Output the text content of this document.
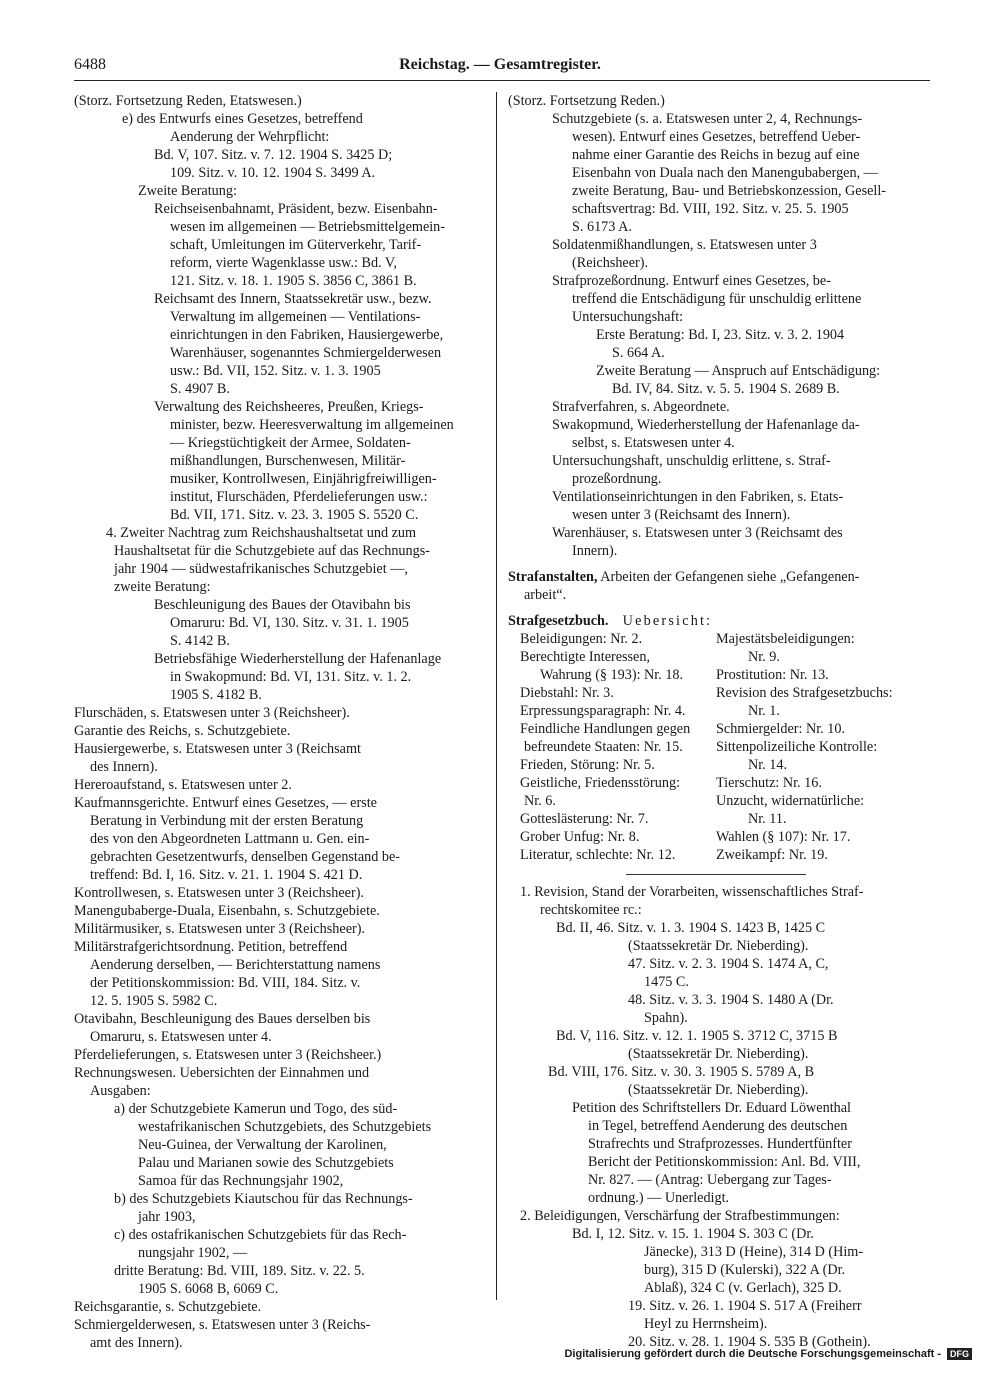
6488	Reichstag. — Gesamtregister.

(Storz. Fortsetzung Reden, Etatswesen.)

e) des Entwurfs eines Gesetzes, betreffend

Aenderung der Wehrpflicht:

Bd. V, 107. Sitz. v. 7. 12. 1904 S. 3425 D;

109. Sitz. v. 10. 12. 1904 S. 3499 A.

Zweite Beratung:

Reichseisenbahnamt, Präsident, bezw. Eisenbahn-

wesen im allgemeinen — Betriebsmittelgemein-

schaft, Umleitungen im Güterverkehr, Tarif-

reform, vierte Wagenklasse usw.: Bd. V,

121. Sitz. v. 18. 1. 1905 S. 3856 C, 3861 B.

Reichsamt des Innern, Staatssekretär usw., bezw.

Verwaltung im allgemeinen — Ventilations-

einrichtungen in den Fabriken, Hausiergewerbe,

Warenhäuser, sogenanntes Schmiergelderwesen

usw.: Bd. VII, 152. Sitz. v. 1. 3. 1905

S. 4907 B.

Verwaltung des Reichsheeres, Preußen, Kriegs-

minister, bezw. Heeresverwaltung im allgemeinen

— Kriegstüchtigkeit der Armee, Soldaten-

mißhandlungen, Burschenwesen, Militär-

musiker, Kontrollwesen, Einjährigfreiwilligen-

institut, Flurschäden, Pferdelieferungen usw.:

Bd. VII, 171. Sitz. v. 23. 3. 1905 S. 5520 C.

4. Zweiter Nachtrag zum Reichshaushaltsetat und zum

Haushaltsetat für die Schutzgebiete auf das Rechnungs-

jahr 1904 — südwestafrikanisches Schutzgebiet —,

zweite Beratung:

Beschleunigung des Baues der Otavibahn bis

Omaruru: Bd. VI, 130. Sitz. v. 31. 1. 1905

S. 4142 B.

Betriebsfähige Wiederherstellung der Hafenanlage

in Swakopmund: Bd. VI, 131. Sitz. v. 1. 2.

1905 S. 4182 B.

Flurschäden, s. Etatswesen unter 3 (Reichsheer).

Garantie des Reichs, s. Schutzgebiete.

Hausiergewerbe, s. Etatswesen unter 3 (Reichsamt

des Innern).

Hereroaufstand, s. Etatswesen unter 2.

Kaufmannsgerichte. Entwurf eines Gesetzes, — erste

Beratung in Verbindung mit der ersten Beratung

des von den Abgeordneten Lattmann u. Gen. ein-

gebrachten Gesetzentwurfs, denselben Gegenstand be-

treffend: Bd. I, 16. Sitz. v. 21. 1. 1904 S. 421 D.

Kontrollwesen, s. Etatswesen unter 3 (Reichsheer).

Manengubaberge-Duala, Eisenbahn, s. Schutzgebiete.

Militärmusiker, s. Etatswesen unter 3 (Reichsheer).

Militärstrafgerichtsordnung. Petition, betreffend

Aenderung derselben, — Berichterstattung namens

der Petitionskommission: Bd. VIII, 184. Sitz. v.

12. 5. 1905 S. 5982 C.

Otavibahn, Beschleunigung des Baues derselben bis

Omaruru, s. Etatswesen unter 4.

Pferdelieferungen, s. Etatswesen unter 3 (Reichsheer.)

Rechnungswesen. Uebersichten der Einnahmen und

Ausgaben:

a) der Schutzgebiete Kamerun und Togo, des süd-

westafrikanischen Schutzgebiets, des Schutzgebiets

Neu-Guinea, der Verwaltung der Karolinen,

Palau und Marianen sowie des Schutzgebiets

Samoa für das Rechnungsjahr 1902,

b) des Schutzgebiets Kiautschou für das Rechnungs-

jahr 1903,

c) des ostafrikanischen Schutzgebiets für das Rech-

nungsjahr 1902, —

dritte Beratung: Bd. VIII, 189. Sitz. v. 22. 5.

1905 S. 6068 B, 6069 C.

Reichsgarantie, s. Schutzgebiete.

Schmiergelderwesen, s. Etatswesen unter 3 (Reichs-

amt des Innern).

(Storz. Fortsetzung Reden.)

Schutzgebiete (s. a. Etatswesen unter 2, 4, Rechnungs-

wesen). Entwurf eines Gesetzes, betreffend Ueber-

nahme einer Garantie des Reichs in bezug auf eine

Eisenbahn von Duala nach den Manengubabergen, —

zweite Beratung, Bau- und Betriebskonzession, Gesell-

schaftsvertrag: Bd. VIII, 192. Sitz. v. 25. 5. 1905

S. 6173 A.

Soldatenmißhandlungen, s. Etatswesen unter 3

(Reichsheer).

Strafprozeßordnung. Entwurf eines Gesetzes, be-

treffend die Entschädigung für unschuldig erlittene

Untersuchungshaft:

Erste Beratung: Bd. I, 23. Sitz. v. 3. 2. 1904

S. 664 A.

Zweite Beratung — Anspruch auf Entschädigung:

Bd. IV, 84. Sitz. v. 5. 5. 1904 S. 2689 B.

Strafverfahren, s. Abgeordnete.

Swakopmund, Wiederherstellung der Hafenanlage da-

selbst, s. Etatswesen unter 4.

Untersuchungshaft, unschuldig erlittene, s. Straf-

prozeßordnung.

Ventilationseinrichtungen in den Fabriken, s. Etats-

wesen unter 3 (Reichsamt des Innern).

Warenhäuser, s. Etatswesen unter 3 (Reichsamt des

Innern).

Strafanstalten, Arbeiten der Gefangenen siehe „Gefangenen-

arbeit“.

Strafgesetzbuch. Uebersicht:

Beleidigungen: Nr. 2.

Berechtigte Interessen,

Wahrung (§ 193): Nr. 18.

Diebstahl: Nr. 3.

Erpressungsparagraph: Nr. 4.

Feindliche Handlungen gegen

befreundete Staaten: Nr. 15.

Frieden, Störung: Nr. 5.

Geistliche, Friedensstörung:

Nr. 6.

Gotteslästerung: Nr. 7.

Grober Unfug: Nr. 8.

Literatur, schlechte: Nr. 12.

Majestätsbeleidigungen:

Nr. 9.

Prostitution: Nr. 13.

Revision des Strafgesetzbuchs:

Nr. 1.

Schmiergelder: Nr. 10.

Sittenpolizeiliche Kontrolle:

Nr. 14.

Tierschutz: Nr. 16.

Unzucht, widernatürliche:

Nr. 11.

Wahlen (§ 107): Nr. 17.

Zweikampf: Nr. 19.

1. Revision, Stand der Vorarbeiten, wissenschaftliches Straf-

rechtskomitee rc.:

Bd. II, 46. Sitz. v. 1. 3. 1904 S. 1423 B, 1425 C

(Staatssekretär Dr. Nieberding).

47. Sitz. v. 2. 3. 1904 S. 1474 A, C,

1475 C.

48. Sitz. v. 3. 3. 1904 S. 1480 A (Dr.

Spahn).

Bd. V, 116. Sitz. v. 12. 1. 1905 S. 3712 C, 3715 B

(Staatssekretär Dr. Nieberding).

Bd. VIII, 176. Sitz. v. 30. 3. 1905 S. 5789 A, B

(Staatssekretär Dr. Nieberding).

Petition des Schriftstellers Dr. Eduard Löwenthal

in Tegel, betreffend Aenderung des deutschen

Strafrechts und Strafprozesses. Hundertfünfter

Bericht der Petitionskommission: Anl. Bd. VIII,

Nr. 827. — (Antrag: Uebergang zur Tages-

ordnung.) — Unerledigt.

2. Beleidigungen, Verschärfung der Strafbestimmungen:

Bd. I, 12. Sitz. v. 15. 1. 1904 S. 303 C (Dr.

Jänecke), 313 D (Heine), 314 D (Him-

burg), 315 D (Kulerski), 322 A (Dr.

Ablaß), 324 C (v. Gerlach), 325 D.

19. Sitz. v. 26. 1. 1904 S. 517 A (Freiherr

Heyl zu Herrnsheim).

20. Sitz. v. 28. 1. 1904 S. 535 B (Gothein).

Digitalisierung gefördert durch die Deutsche Forschungsgemeinschaft -	DFG
